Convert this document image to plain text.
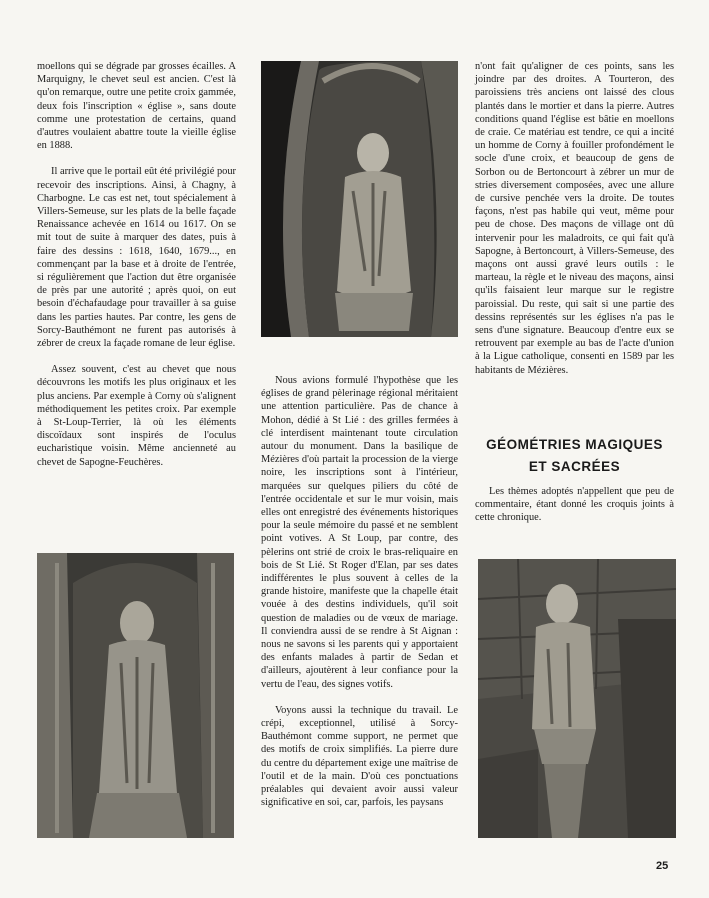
moellons qui se dégrade par grosses écailles. A Marquigny, le chevet seul est ancien. C'est là qu'on remarque, outre une petite croix gammée, deux fois l'inscription « église », sans doute comme une protestation de certains, quand d'autres voulaient abattre toute la vieille église en 1888.

Il arrive que le portail eût été privilégié pour recevoir des inscriptions. Ainsi, à Chagny, à Charbogne. Le cas est net, tout spécialement à Villers-Semeuse, sur les plats de la belle façade Renaissance achevée en 1614 ou 1617. On se mit tout de suite à marquer des dates, puis à faire des dessins : 1618, 1640, 1679..., en commençant par la base et à droite de l'entrée, si régulièrement que l'action dut être organisée de près par une autorité ; après quoi, on eut besoin d'échafaudage pour travailler à sa guise dans les parties hautes. Par contre, les gens de Sorcy-Bauthémont ne furent pas autorisés à zébrer de creux la façade romane de leur église.

Assez souvent, c'est au chevet que nous découvrons les motifs les plus originaux et les plus anciens. Par exemple à Corny où s'alignent méthodiquement les petites croix. Par exemple à St-Loup-Terrier, là où les éléments discoïdaux sont inspirés de l'oculus eucharistique voisin. Même ancienneté au chevet de Sapogne-Feuchères.

Nous avions formulé l'hypothèse que les églises de grand pèlerinage régional méritaient une attention particulière. Pas de chance à Mohon, dédié à St Lié : des grilles fermées à clé interdisent maintenant toute circulation autour du monument. Dans la basilique de Mézières d'où partait la procession de la vierge noire, les inscriptions sont à l'intérieur, marquées sur quelques piliers du côté de l'entrée occidentale et sur le mur voisin, mais elles ont enregistré des événements historiques pour la seule mémoire du passé et ne semblent point votives. A St Loup, par contre, des pèlerins ont strié de croix le bras-reliquaire en bois de St Lié. St Roger d'Elan, par ses dates indifférentes le plus souvent à celles de la grande histoire, manifeste que la chapelle était vouée à des destins individuels, qu'il soit question de maladies ou de vœux de mariage. Il conviendra aussi de se rendre à St Aignan : nous ne savons si les parents qui y apportaient des enfants malades à partir de Sedan et d'ailleurs, ajoutèrent à leur confiance pour la vertu de l'eau, des signes votifs.

Voyons aussi la technique du travail. Le crépi, exceptionnel, utilisé à Sorcy-Bauthémont comme support, ne permet que des motifs de croix simplifiés. La pierre dure du centre du département exige une maîtrise de l'outil et de la main. D'où ces ponctuations préalables qui devaient avoir aussi valeur significative en soi, car, parfois, les paysans

n'ont fait qu'aligner de ces points, sans les joindre par des droites. A Tourteron, des paroissiens très anciens ont laissé des clous plantés dans le mortier et dans la pierre. Autres conditions quand l'église est bâtie en moellons de craie. Ce matériau est tendre, ce qui a incité un homme de Corny à fouiller profondément le socle d'une croix, et beaucoup de gens de Sorbon ou de Bertoncourt à zébrer un mur de stries diversement composées, avec une allure de cursive penchée vers la droite. De toutes façons, n'est pas habile qui veut, même pour peu de chose. Des maçons de village ont dû intervenir pour les maladroits, ce qui fait qu'à Sapogne, à Bertoncourt, à Villers-Semeuse, des maçons ont aussi gravé leurs outils : le marteau, la règle et le niveau des maçons, ainsi qu'ils faisaient leur marque sur le registre paroissial. Du reste, qui sait si une partie des dessins représentés sur les églises n'a pas le sens d'une signature. Beaucoup d'entre eux se retrouvent par exemple au bas de l'acte d'union à la Ligue catholique, consenti en 1589 par les habitants de Mézières.

GÉOMÉTRIES MAGIQUES
ET SACRÉES

Les thèmes adoptés n'appellent que peu de commentaire, étant donné les croquis joints à cette chronique.

25
